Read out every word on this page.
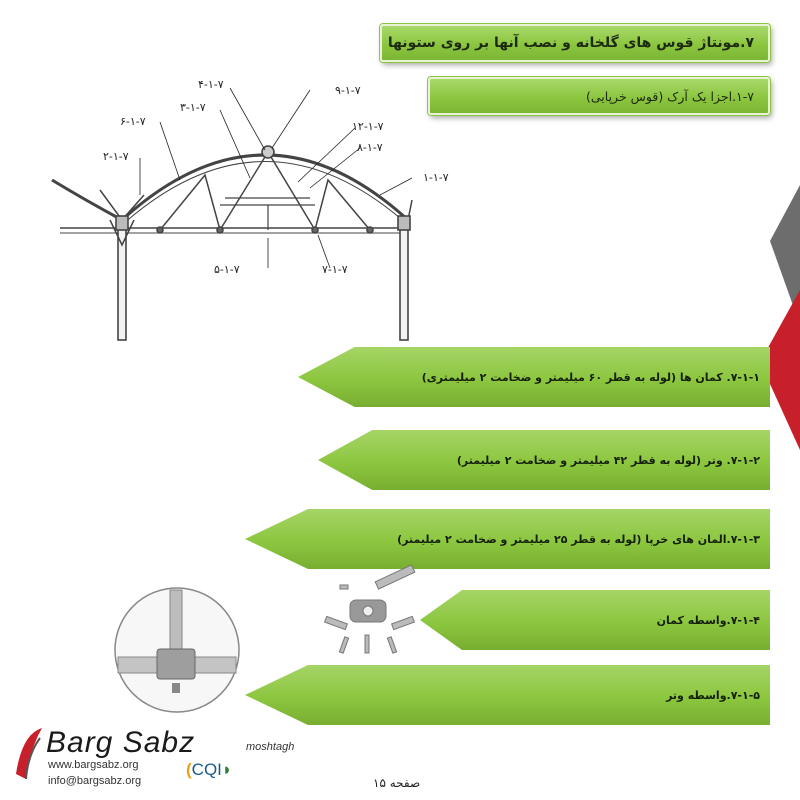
۷.مونتاژ قوس های گلخانه و نصب آنها بر روی ستونها
۱-۷.اجزا یک آرک (قوس خرپایی)
۴-۱-۷	۹-۱-۷
۳-۱-۷
۱۲-۱-۷
۶-۱-۷
۸-۱-۷
۲-۱-۷
۱-۱-۷
۵-۱-۷	۷-۱-۷
۷-۱-۱. کمان ها (لوله به قطر ۶۰ میلیمتر و ضخامت ۲ میلیمتری)
۷-۱-۲. وتر (لوله به قطر ۴۲ میلیمتر و ضخامت ۲ میلیمتر)
۷-۱-۳.المان های خرپا (لوله به قطر ۲۵ میلیمتر و ضخامت ۲ میلیمتر)
۷-۱-۴.واسطه کمان
۷-۱-۵.واسطه وتر
Barg Sabz	moshtagh
www.bargsabz.org
info@bargsabz.org
(CQI◗
صفحه ۱۵
